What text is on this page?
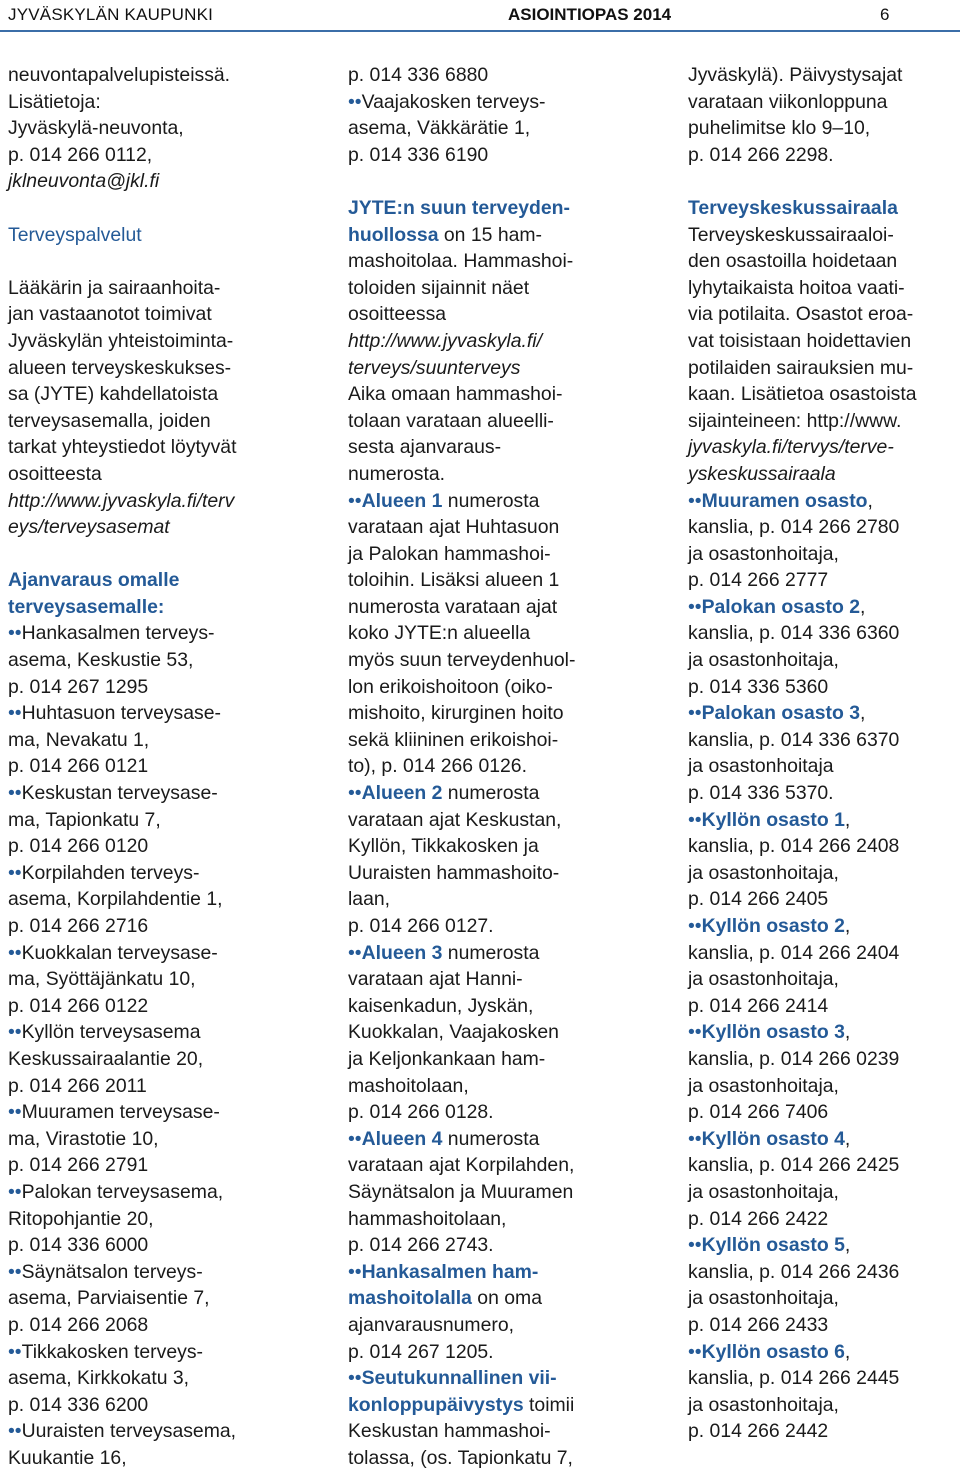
JYVÄSKYLÄN KAUPUNKI	ASIOINTIOPAS 2014	6
neuvontapalvelupisteissä.
Lisätietoja:
Jyväskylä-neuvonta,
p. 014 266 0112,
jklneuvonta@jkl.fi
Terveyspalvelut
Lääkärin ja sairaanhoita-
jan vastaanotot toimivat
Jyväskylän yhteistoiminta-
alueen terveyskeskukses-
sa (JYTE) kahdellatoista
terveysasemalla, joiden
tarkat yhteystiedot löytyvät
osoitteesta
http://www.jyvaskyla.fi/terv
eys/terveysasemat
Ajanvaraus omalle
terveysasemalle:
••Hankasalmen terveys-
asema, Keskustie 53,
p. 014 267 1295
••Huhtasuon terveysase-
ma, Nevakatu 1,
p. 014 266 0121
••Keskustan terveysase-
ma, Tapionkatu 7,
p. 014 266 0120
••Korpilahden terveys-
asema, Korpilahdentie 1,
p. 014 266 2716
••Kuokkalan terveysase-
ma, Syöttäjänkatu 10,
p. 014 266 0122
••Kyllön terveysasema
Keskussairaalantie 20,
p. 014 266 2011
••Muuramen terveysase-
ma, Virastotie 10,
p. 014 266 2791
••Palokan terveysasema,
Ritopohjantie 20,
p. 014 336 6000
••Säynätsalon terveys-
asema, Parviaisentie 7,
p. 014 266 2068
••Tikkakosken terveys-
asema, Kirkkokatu 3,
p. 014 336 6200
••Uuraisten terveysasema,
Kuukantie 16,
p. 014 336 6880
••Vaajakosken terveys-
asema, Väkkärätie 1,
p. 014 336 6190
JYTE:n suun terveyden-
huollossa on 15 ham-
mashoitolaa. Hammashoi-
toloiden sijainnit näet
osoitteessa
http://www.jyvaskyla.fi/
terveys/suunterveys
Aika omaan hammashoi-
tolaan varataan alueelli-
sesta ajanvaraus-
numerosta.
••Alueen 1 numerosta
varataan ajat Huhtasuon
ja Palokan hammashoi-
toloihin. Lisäksi alueen 1
numerosta varataan ajat
koko JYTE:n alueella
myös suun terveydenhuol-
lon erikoishoitoon (oiko-
mishoito, kirurginen hoito
sekä kliininen erikoishoi-
to), p. 014 266 0126.
••Alueen 2 numerosta
varataan ajat Keskustan,
Kyllön, Tikkakosken ja
Uuraisten hammashoito-
laan,
p. 014 266 0127.
••Alueen 3 numerosta
varataan ajat Hanni-
kaisenkadun, Jyskän,
Kuokkalan, Vaajakosken
ja Keljonkankaan ham-
mashoitolaan,
p. 014 266 0128.
••Alueen 4 numerosta
varataan ajat Korpilahden,
Säynätsalon ja Muuramen
hammashoitolaan,
p. 014 266 2743.
••Hankasalmen ham-
mashoitolalla on oma
ajanvarausnumero,
p. 014 267 1205.
••Seutukunnallinen vii-
konloppupäivystys toimii
Keskustan hammashoi-
tolassa, (os. Tapionkatu 7,
Jyväskylä). Päivystysajat
varataan viikonloppuna
puhelimitse klo 9–10,
p. 014 266 2298.
Terveyskeskussairaala
Terveyskeskussairaaloi-
den osastoilla hoidetaan
lyhytaikaista hoitoa vaati-
via potilaita. Osastot eroa-
vat toisistaan hoidettavien
potilaiden sairauksien mu-
kaan. Lisätietoa osastoista
sijainteineen: http://www.
jyvaskyla.fi/tervys/terve-
yskeskussairaala
••Muuramen osasto,
kanslia, p. 014 266 2780
ja osastonhoitaja,
p. 014 266 2777
••Palokan osasto 2,
kanslia, p. 014 336 6360
ja osastonhoitaja,
p. 014 336 5360
••Palokan osasto 3,
kanslia, p. 014 336 6370
ja osastonhoitaja
p. 014 336 5370.
••Kyllön osasto 1,
kanslia, p. 014 266 2408
ja osastonhoitaja,
p. 014 266 2405
••Kyllön osasto 2,
kanslia, p. 014 266 2404
ja osastonhoitaja,
p. 014 266 2414
••Kyllön osasto 3,
kanslia, p. 014 266 0239
ja osastonhoitaja,
p. 014 266 7406
••Kyllön osasto 4,
kanslia, p. 014 266 2425
ja osastonhoitaja,
p. 014 266 2422
••Kyllön osasto 5,
kanslia, p. 014 266 2436
ja osastonhoitaja,
p. 014 266 2433
••Kyllön osasto 6,
kanslia, p. 014 266 2445
ja osastonhoitaja,
p. 014 266 2442
